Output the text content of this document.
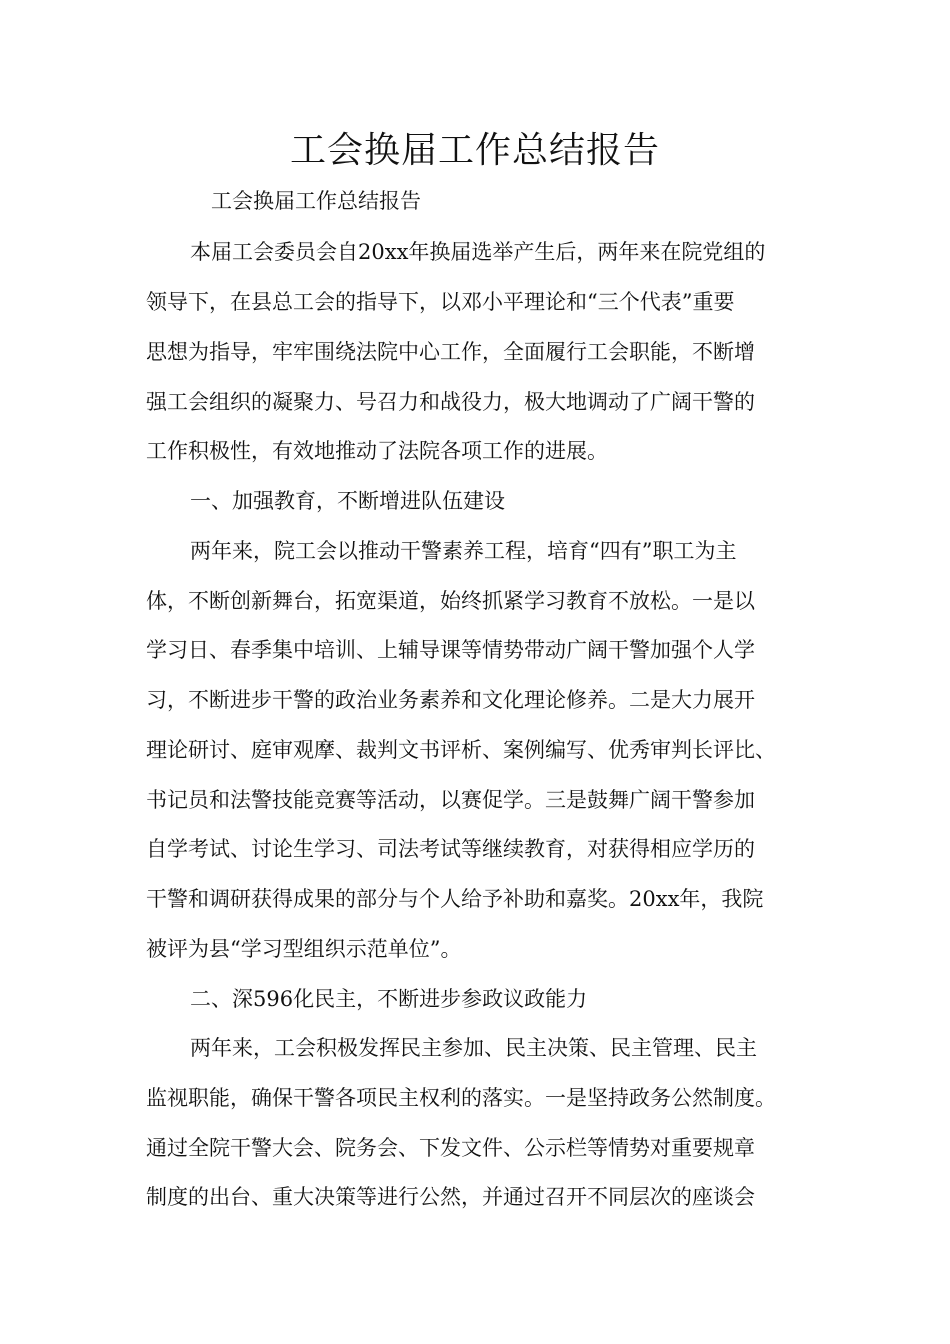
工会换届工作总结报告

工会换届工作总结报告

本届工会委员会自20xx年换届选举产生后，两年来在院党组的

领导下，在县总工会的指导下，以邓小平理论和“三个代表”重要

思想为指导，牢牢围绕法院中心工作，全面履行工会职能，不断增

强工会组织的凝聚力、号召力和战役力，极大地调动了广阔干警的

工作积极性，有效地推动了法院各项工作的进展。

一、加强教育，不断增进队伍建设

两年来，院工会以推动干警素养工程，培育“四有”职工为主

体，不断创新舞台，拓宽渠道，始终抓紧学习教育不放松。一是以

学习日、春季集中培训、上辅导课等情势带动广阔干警加强个人学

习，不断进步干警的政治业务素养和文化理论修养。二是大力展开

理论研讨、庭审观摩、裁判文书评析、案例编写、优秀审判长评比、

书记员和法警技能竞赛等活动，以赛促学。三是鼓舞广阔干警参加

自学考试、讨论生学习、司法考试等继续教育，对获得相应学历的

干警和调研获得成果的部分与个人给予补助和嘉奖。20xx年，我院

被评为县“学习型组织示范单位”。

二、深596化民主，不断进步参政议政能力

两年来，工会积极发挥民主参加、民主决策、民主管理、民主

监视职能，确保干警各项民主权利的落实。一是坚持政务公然制度。

通过全院干警大会、院务会、下发文件、公示栏等情势对重要规章

制度的出台、重大决策等进行公然，并通过召开不同层次的座谈会
